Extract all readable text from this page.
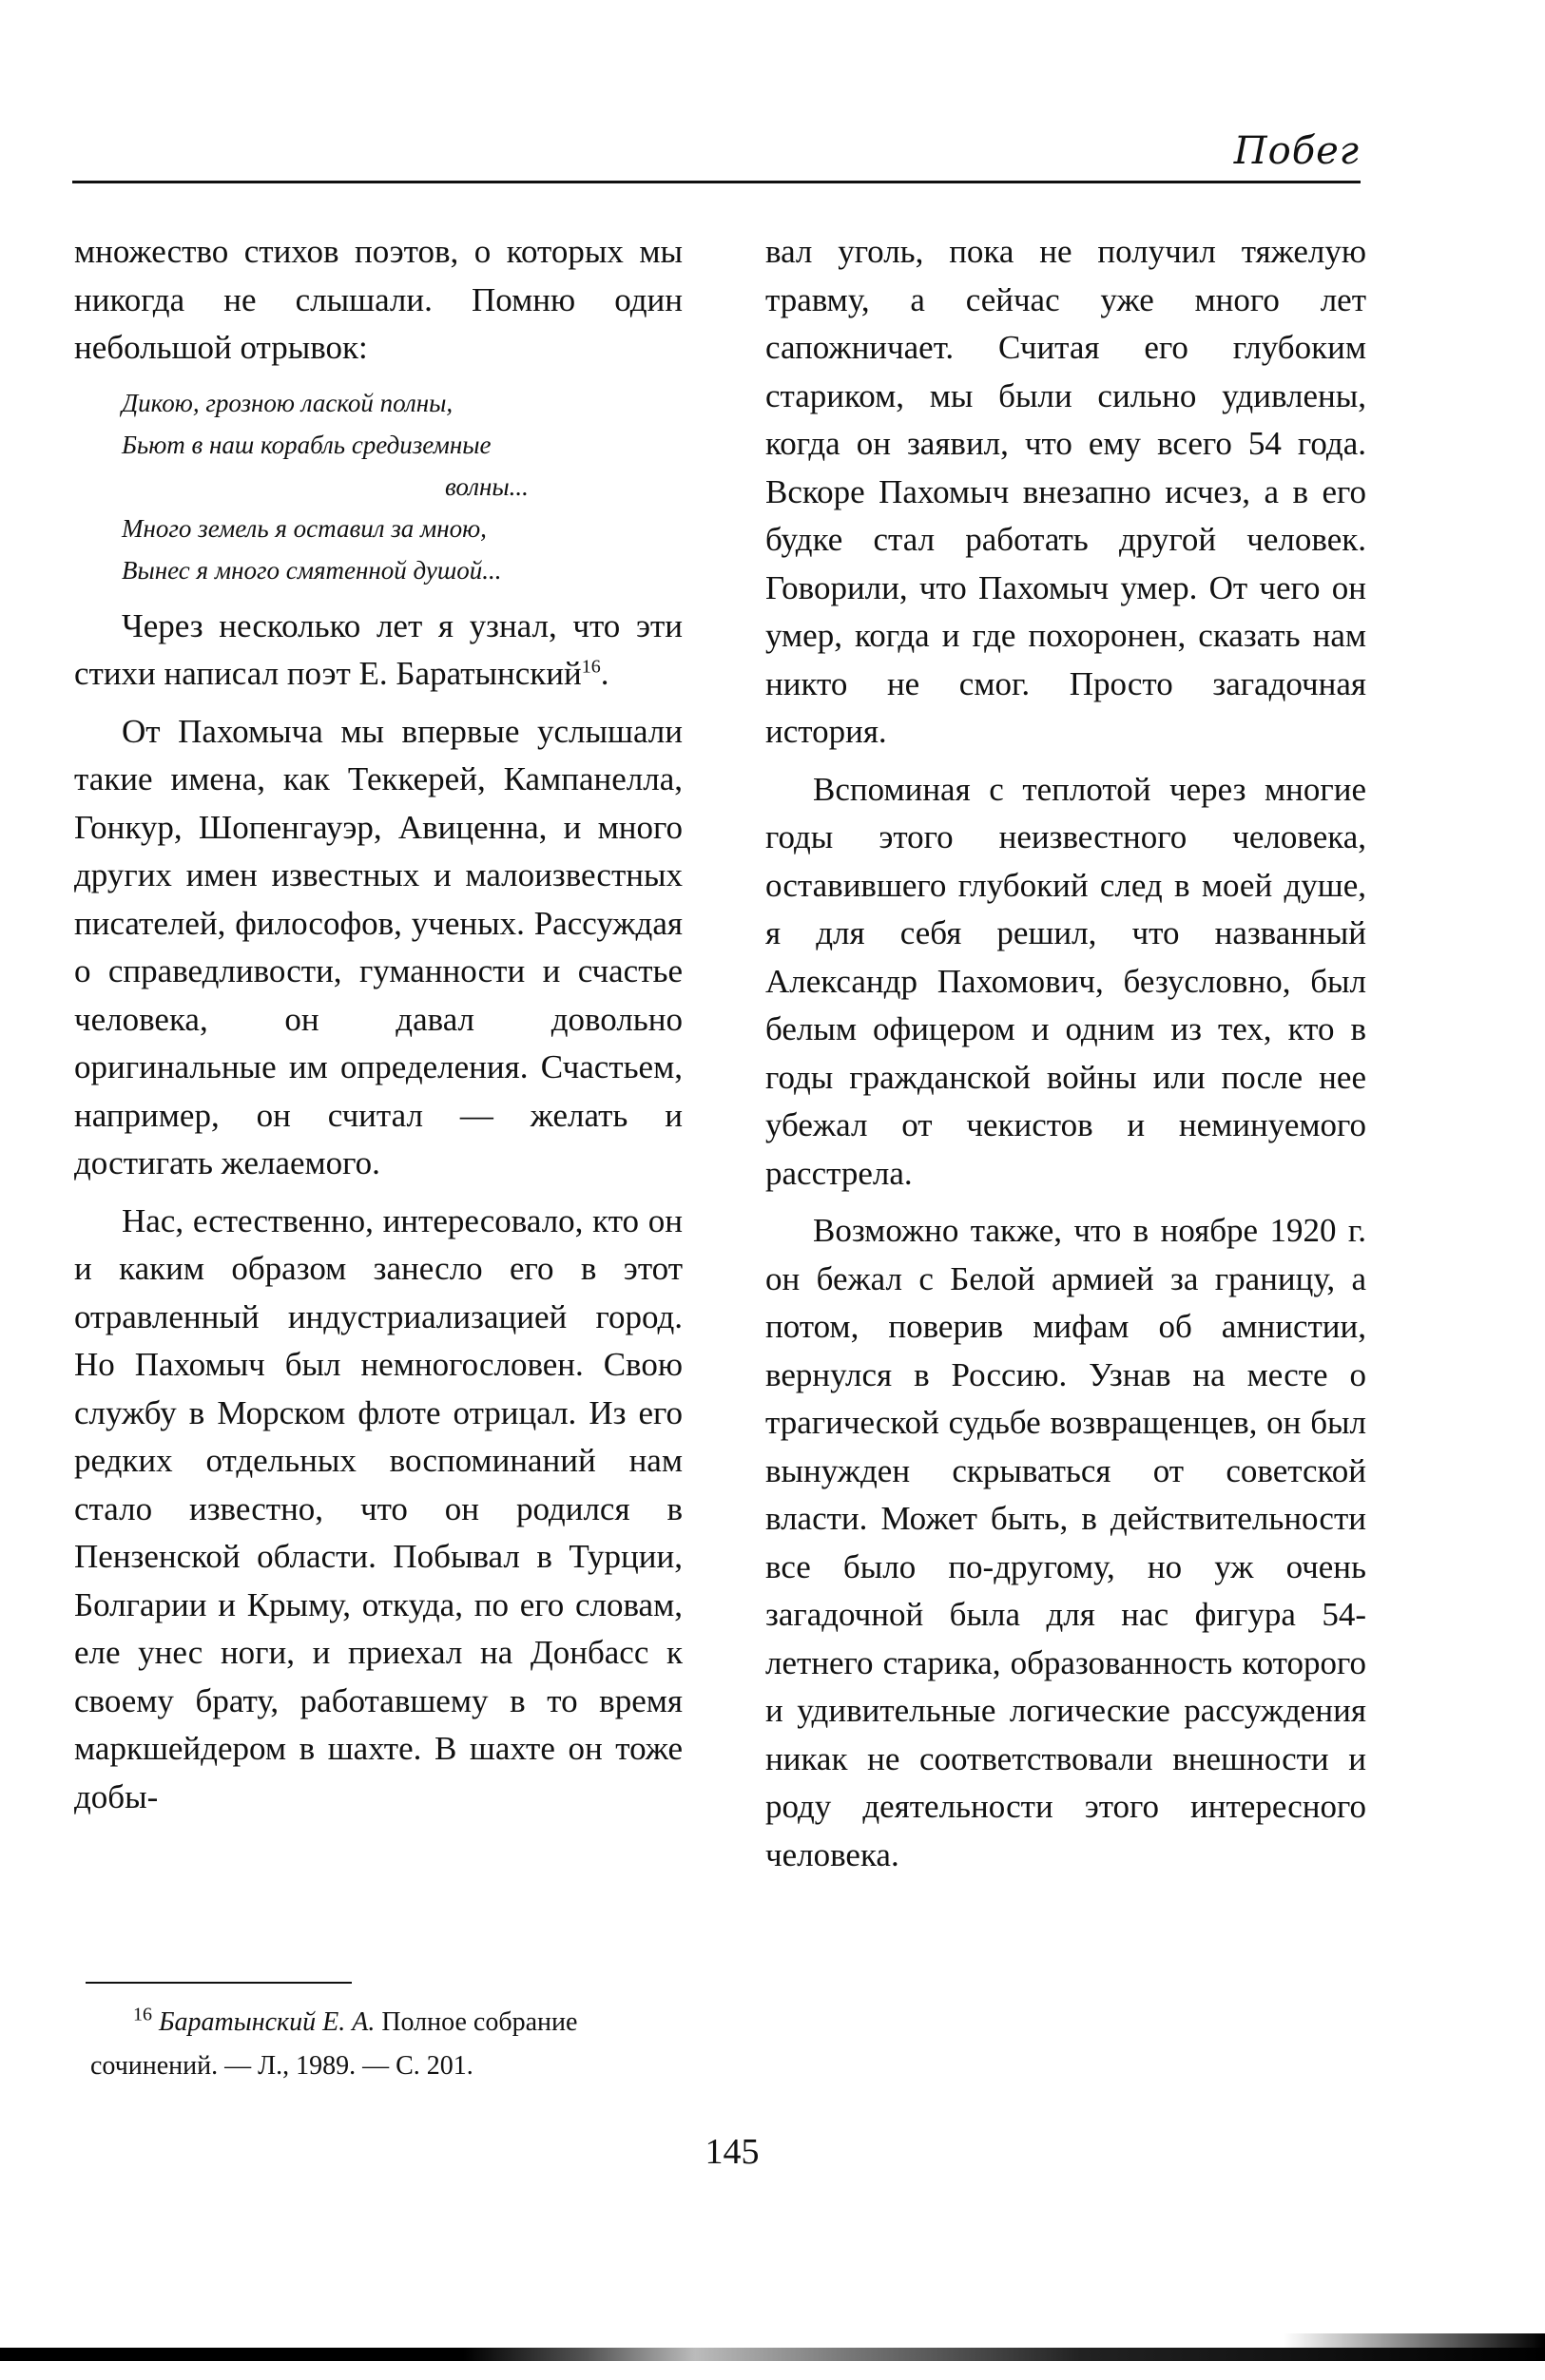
Побег

множество стихов поэтов, о которых мы никогда не слышали. Помню один небольшой отрывок:

Дикою, грозною лаской полны,
Бьют в наш корабль средиземные
волны...
Много земель я оставил за мною,
Вынес я много смятенной душой...

Через несколько лет я узнал, что эти стихи написал поэт Е. Баратынский$^{16}$.

От Пахомыча мы впервые услышали такие имена, как Теккерей, Кампанелла, Гонкур, Шопенгауэр, Авиценна, и много других имен известных и малоизвестных писателей, философов, ученых. Рассуждая о справедливости, гуманности и счастье человека, он давал довольно оригинальные им определения. Счастьем, например, он считал — желать и достигать желаемого.

Нас, естественно, интересовало, кто он и каким образом занесло его в этот отравленный индустриализацией город. Но Пахомыч был немногословен. Свою службу в Морском флоте отрицал. Из его редких отдельных воспоминаний нам стало известно, что он родился в Пензенской области. Побывал в Турции, Болгарии и Крыму, откуда, по его словам, еле унес ноги, и приехал на Донбасс к своему брату, работавшему в то время маркшейдером в шахте. В шахте он тоже добы-

вал уголь, пока не получил тяжелую травму, а сейчас уже много лет сапожничает. Считая его глубоким стариком, мы были сильно удивлены, когда он заявил, что ему всего 54 года. Вскоре Пахомыч внезапно исчез, а в его будке стал работать другой человек. Говорили, что Пахомыч умер. От чего он умер, когда и где похоронен, сказать нам никто не смог. Просто загадочная история.

Вспоминая с теплотой через многие годы этого неизвестного человека, оставившего глубокий след в моей душе, я для себя решил, что названный Александр Пахомович, безусловно, был белым офицером и одним из тех, кто в годы гражданской войны или после нее убежал от чекистов и неминуемого расстрела.

Возможно также, что в ноябре 1920 г. он бежал с Белой армией за границу, а потом, поверив мифам об амнистии, вернулся в Россию. Узнав на месте о трагической судьбе возвращенцев, он был вынужден скрываться от советской власти. Может быть, в действительности все было по-другому, но уж очень загадочной была для нас фигура 54-летнего старика, образованность которого и удивительные логические рассуждения никак не соответствовали внешности и роду деятельности этого интересного человека.

$^{16}$ Баратынский Е. А. Полное собрание

сочинений. — Л., 1989. — С. 201.

145
